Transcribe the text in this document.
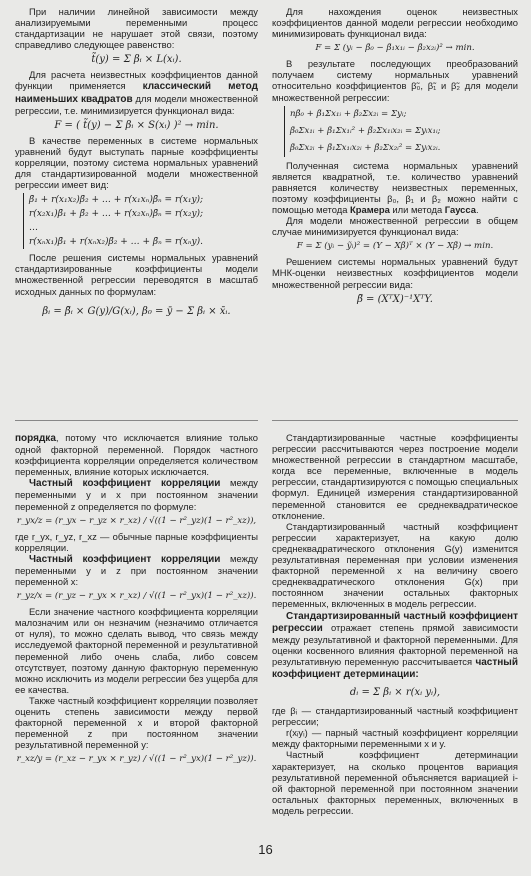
При наличии линейной зависимости между анализируемыми переменными процесс стандартизации не нарушает этой связи, поэтому справедливо следующее равенство:

t̃(y) = Σ βᵢ × L(xᵢ).

Для расчета неизвестных коэффициентов данной функции применяется классический метод наименьших квадратов для модели множественной регрессии, т.е. минимизируется функционал вида:

F = ( t̃(y) − Σ βᵢ × S(xᵢ) )² → min.

В качестве переменных в системе нормальных уравнений будут выступать парные коэффициенты корреляции, поэтому система нормальных уравнений для стандартизированной модели множественной регрессии имеет вид:

β̃₁ + r(x₁x₂)β̃₂ + … + r(x₁xₙ)β̃ₙ = r(x₁y);
r(x₂x₁)β̃₁ + β̃₂ + … + r(x₂xₙ)β̃ₙ = r(x₂y);
…
r(xₙx₁)β̃₁ + r(xₙx₂)β̃₂ + … + β̃ₙ = r(xₙy).

После решения системы нормальных уравнений стандартизированные коэффициенты модели множественной регрессии переводятся в масштаб исходных данных по формулам:

βᵢ = β̃ᵢ × G(y)/G(xᵢ), β₀ = ȳ − Σ βᵢ × x̄ᵢ.

порядка, потому что исключается влияние только одной факторной переменной. Порядок частного коэффициента корреляции определяется количеством переменных, влияние которых исключается.

Частный коэффициент корреляции между переменными y и x при постоянном значении переменной z определяется по формуле:

r_yx/z = (r_yx − r_yz × r_xz) / √((1 − r²_yz)(1 − r²_xz)),

где r_yx, r_yz, r_xz — обычные парные коэффициенты корреляции.

Частный коэффициент корреляции между переменными y и z при постоянном значении переменной x:

r_yz/x = (r_yz − r_yx × r_xz) / √((1 − r²_yx)(1 − r²_xz)).

Если значение частного коэффициента корреляции малозначим или он незначим (незначимо отличается от нуля), то можно сделать вывод, что связь между исследуемой факторной переменной и результативной переменной либо очень слаба, либо совсем отсутствует, поэтому данную факторную переменную можно исключить из модели регрессии без ущерба для ее качества.

Также частный коэффициент корреляции позволяет оценить степень зависимости между первой факторной переменной x и второй факторной переменной z при постоянном значении результативной переменной y:

r_xz/y = (r_xz − r_yx × r_yz) / √((1 − r²_yx)(1 − r²_yz)).

Для нахождения оценок неизвестных коэффициентов данной модели регрессии необходимо минимизировать функционал вида:

F = Σ (yᵢ − β̃₀ − β̃₁x₁ᵢ − β̃₂x₂ᵢ)² → min.

В результате последующих преобразований получаем систему нормальных уравнений относительно коэффициентов β̃₀, β̃₁ и β̃₂ для модели множественной регрессии:

nβ̃₀ + β̃₁Σx₁ᵢ + β̃₂Σx₂ᵢ = Σyᵢ;
β̃₀Σx₁ᵢ + β̃₁Σx₁ᵢ² + β̃₂Σx₁ᵢx₂ᵢ = Σyᵢx₁ᵢ;
β̃₀Σx₂ᵢ + β̃₁Σx₁ᵢx₂ᵢ + β̃₂Σx₂ᵢ² = Σyᵢx₂ᵢ.

Полученная система нормальных уравнений является квадратной, т.е. количество уравнений равняется количеству неизвестных переменных, поэтому коэффициенты β₀, β₁ и β₂ можно найти с помощью метода Крамера или метода Гаусса.

Для модели множественной регрессии в общем случае минимизируется функционал вида:

F = Σ (yᵢ − ỹᵢ)² = (Y − Xβ̃)ᵀ × (Y − Xβ̃) → min.

Решением системы нормальных уравнений будут МНК-оценки неизвестных коэффициентов модели множественной регрессии вида:

β̃ = (XᵀX)⁻¹XᵀY.

Стандартизированные частные коэффициенты регрессии рассчитываются через построение модели множественной регрессии в стандартном масштабе, когда все переменные, включенные в модель регрессии, стандартизируются с помощью специальных формул. Единицей измерения стандартизированной переменной становится ее среднеквадратическое отклонение.

Стандартизированный частный коэффициент регрессии характеризует, на какую долю среднеквадратического отклонения G(y) изменится результативная переменная при условии изменения факторной переменной x на величину своего среднеквадратического отклонения G(x) при постоянном значении остальных факторных переменных, включенных в модель регрессии.

Стандартизированный частный коэффициент регрессии отражает степень прямой зависимости между результативной и факторной переменными. Для оценки косвенного влияния факторной переменной на результативную переменную рассчитывается частный коэффициент детерминации:

dᵢ = Σ βᵢ × r(xᵢ yᵢ),

где βᵢ — стандартизированный частный коэффициент регрессии;

r(xᵢyᵢ) — парный частный коэффициент корреляции между факторными переменными x и y.

Частный коэффициент детерминации характеризует, на сколько процентов вариация результативной переменной объясняется вариацией i-ой факторной переменной при постоянном значении остальных факторных переменных, включенных в модель регрессии.

16
